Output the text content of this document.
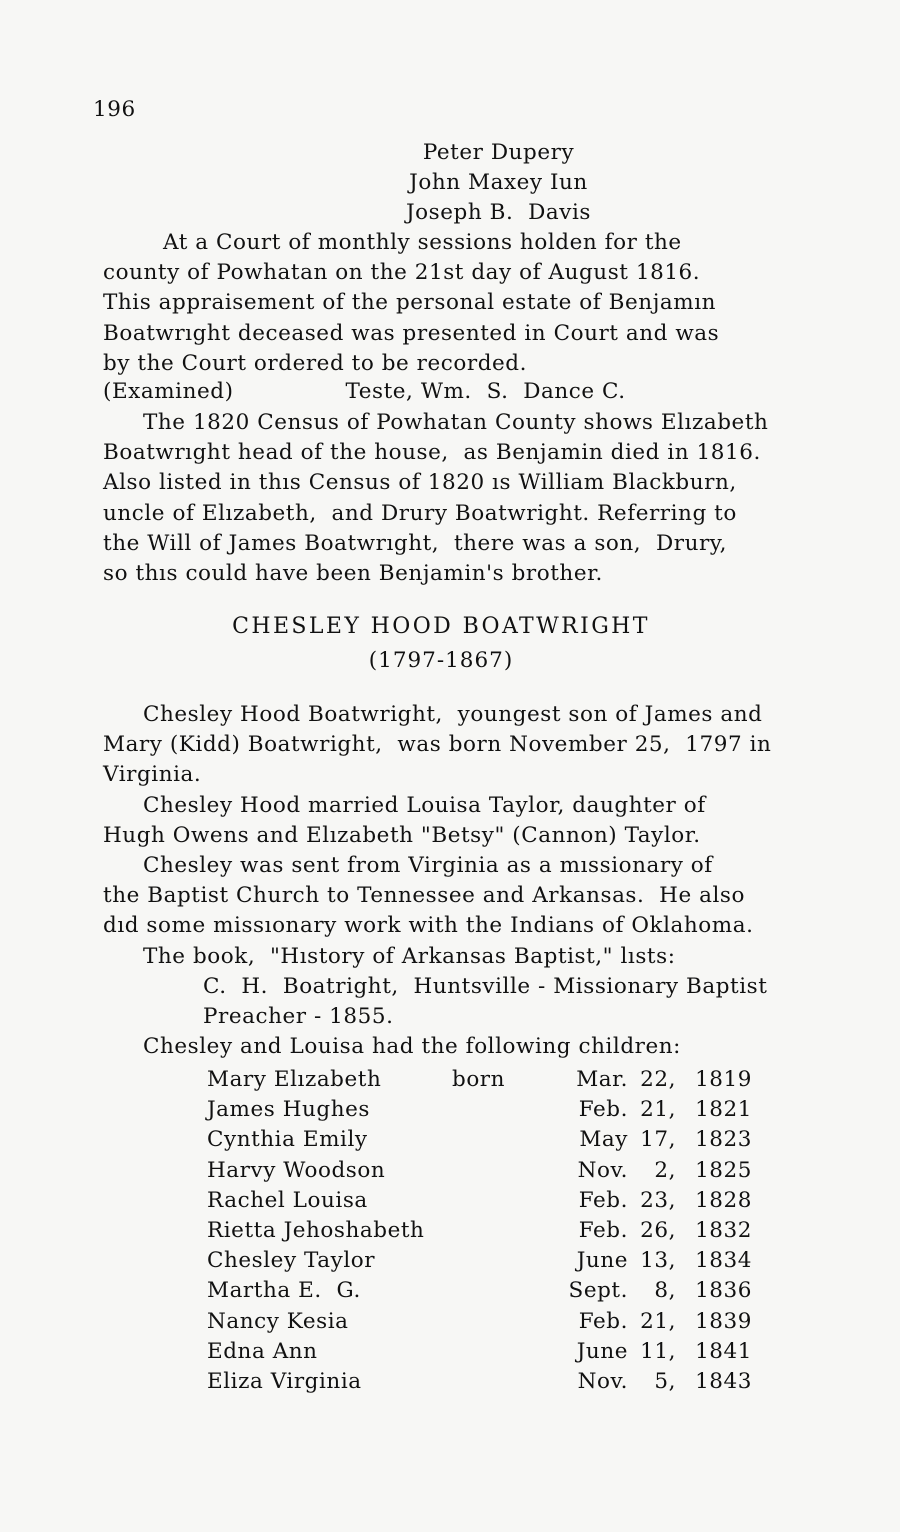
196
Peter Dupery
John Maxey Iun
Joseph B.  Davis
At a Court of monthly sessions holden for the
county of Powhatan on the 21st day of August 1816.
This appraisement of the personal estate of Benjamın
Boatwrıght deceased was presented in Court and was
by the Court ordered to be recorded.
(Examined)	Teste, Wm.  S.  Dance C.
The 1820 Census of Powhatan County shows Elızabeth
Boatwrıght head of the house,  as Benjamin died in 1816.
Also listed in thıs Census of 1820 ıs William Blackburn,
uncle of Elızabeth,  and Drury Boatwright. Referring to
the Will of James Boatwrıght,  there was a son,  Drury,
so thıs could have been Benjamin's brother.
CHESLEY HOOD BOATWRIGHT
(1797-1867)
Chesley Hood Boatwright,  youngest son of James and
Mary (Kidd) Boatwright,  was born November 25,  1797 in
Virginia.
Chesley Hood married Louisa Taylor, daughter of
Hugh Owens and Elızabeth "Betsy" (Cannon) Taylor.
Chesley was sent from Virginia as a mıssionary of
the Baptist Church to Tennessee and Arkansas.  He also
dıd some missıonary work with the Indians of Oklahoma.
The book,  "Hıstory of Arkansas Baptist," lısts:
C.  H.  Boatright,  Huntsville - Missionary Baptist
Preacher - 1855.
Chesley and Louisa had the following children:
Mary Elızabeth	born	Mar. 22, 1819
James Hughes	Feb. 21, 1821
Cynthia Emily	May 17, 1823
Harvy Woodson	Nov. 2, 1825
Rachel Louisa	Feb. 23, 1828
Rietta Jehoshabeth	Feb. 26, 1832
Chesley Taylor	June 13, 1834
Martha E.  G.	Sept. 8, 1836
Nancy Kesia	Feb. 21, 1839
Edna Ann	June 11, 1841
Eliza Virginia	Nov. 5, 1843
